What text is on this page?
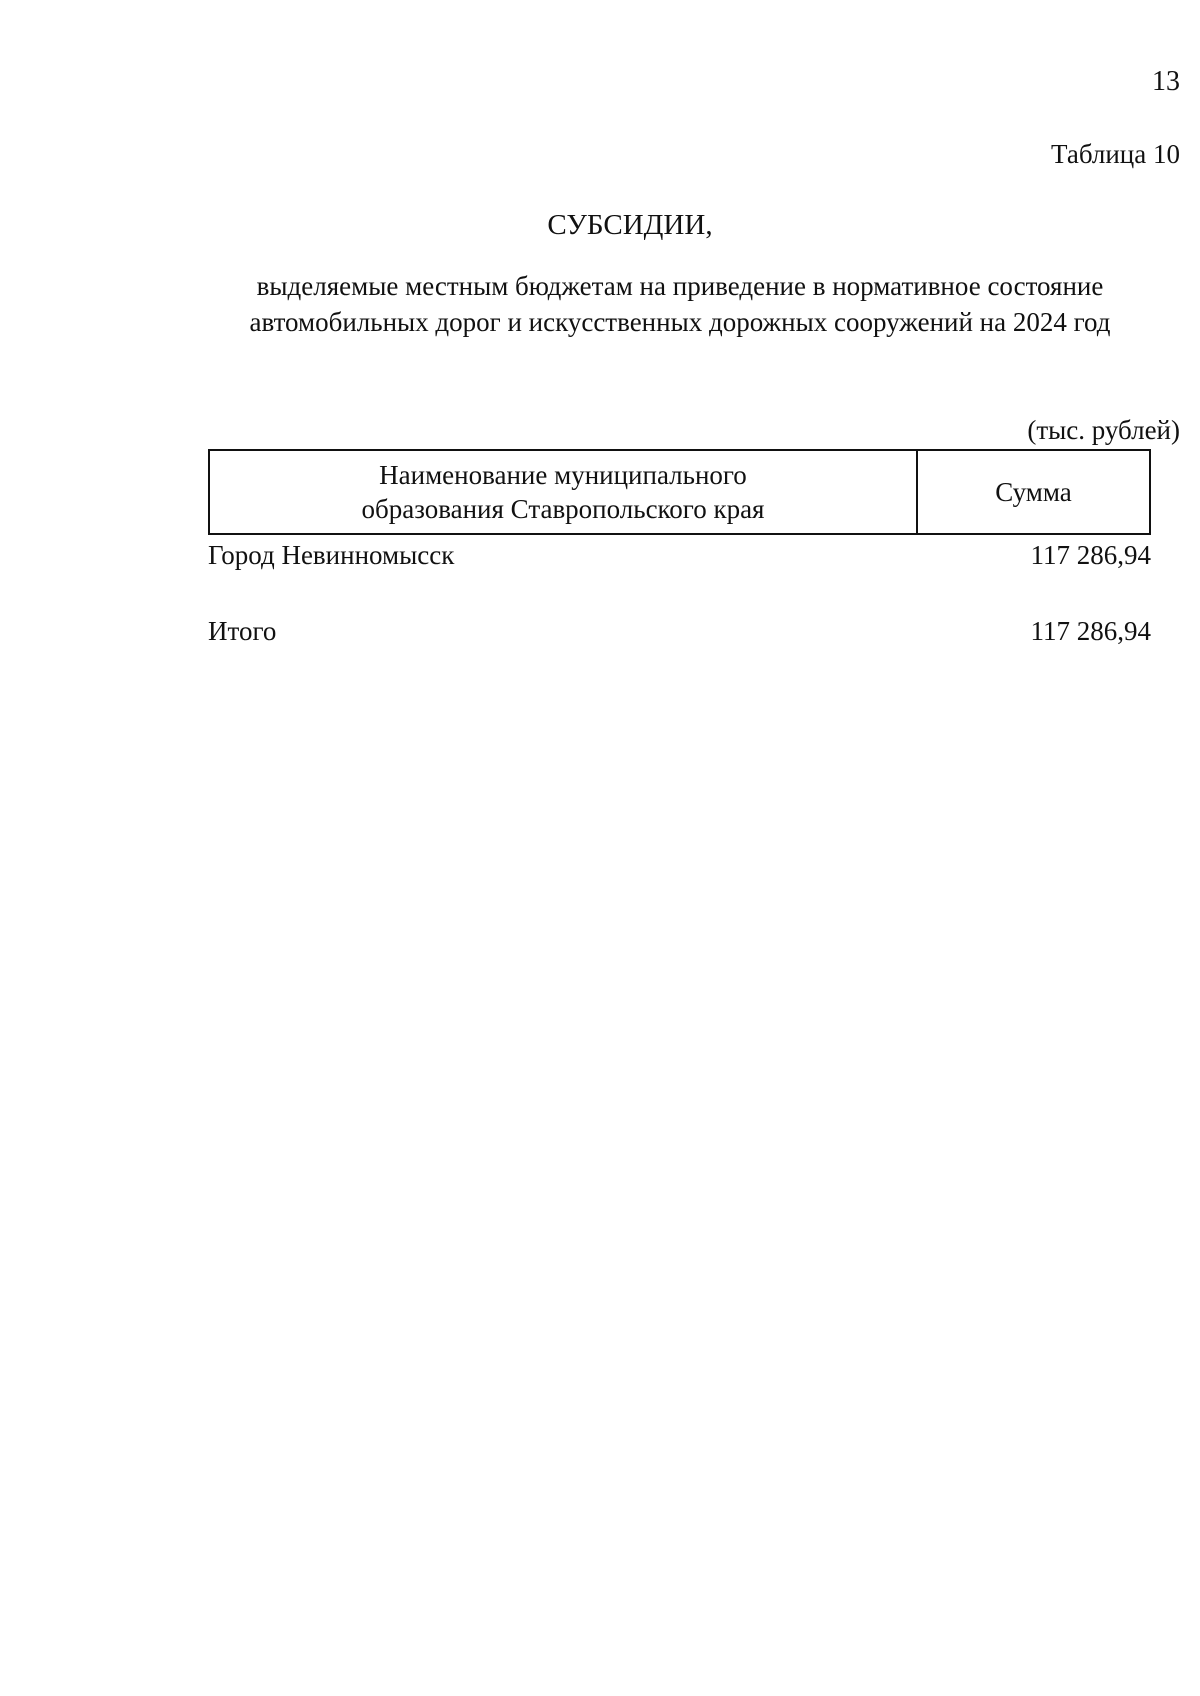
13
Таблица 10
СУБСИДИИ,
выделяемые местным бюджетам на приведение в нормативное состояние
автомобильных дорог и искусственных дорожных сооружений на 2024 год
(тыс. рублей)
Наименование муниципального
образования Ставропольского края
Сумма
Город Невинномысск	117 286,94
Итого	117 286,94
